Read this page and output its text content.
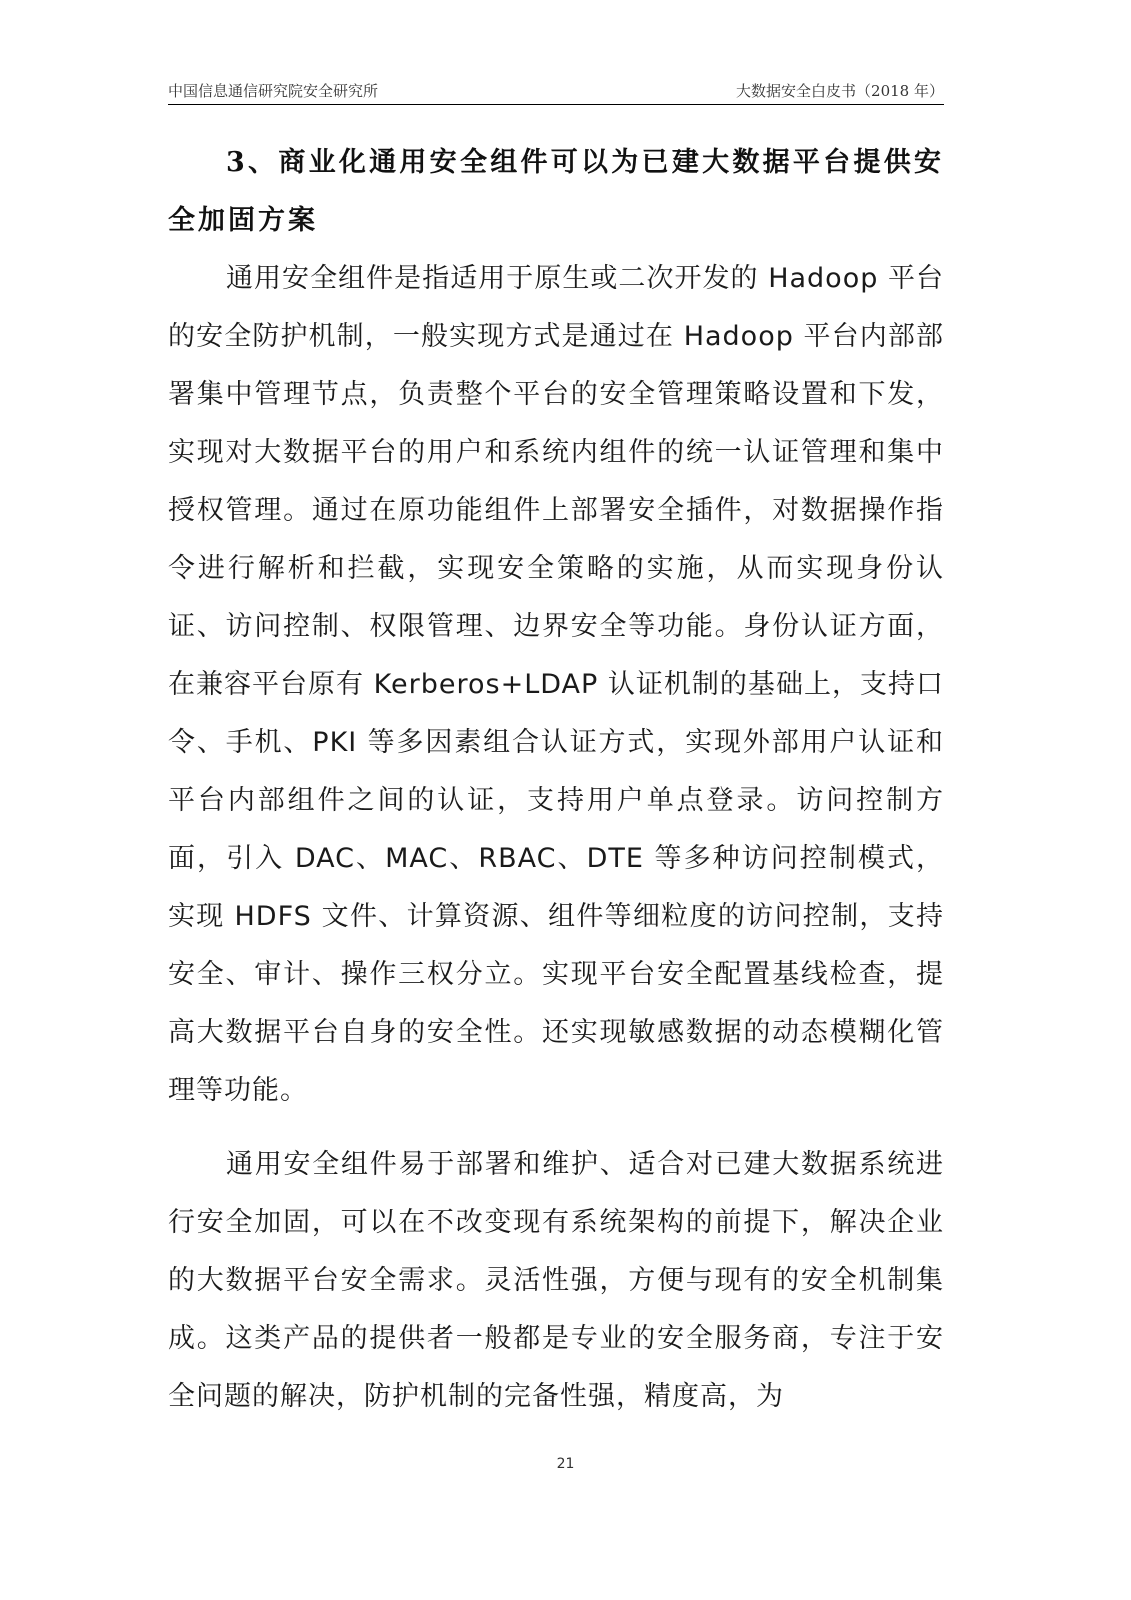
中国信息通信研究院安全研究所	大数据安全白皮书（2018 年）

3、商业化通用安全组件可以为已建大数据平台提供安全加固方案

通用安全组件是指适用于原生或二次开发的 Hadoop 平台的安全防护机制，一般实现方式是通过在 Hadoop 平台内部部署集中管理节点，负责整个平台的安全管理策略设置和下发，实现对大数据平台的用户和系统内组件的统一认证管理和集中授权管理。通过在原功能组件上部署安全插件，对数据操作指令进行解析和拦截，实现安全策略的实施，从而实现身份认证、访问控制、权限管理、边界安全等功能。身份认证方面，在兼容平台原有 Kerberos+LDAP 认证机制的基础上，支持口令、手机、PKI 等多因素组合认证方式，实现外部用户认证和平台内部组件之间的认证，支持用户单点登录。访问控制方面，引入 DAC、MAC、RBAC、DTE 等多种访问控制模式，实现 HDFS 文件、计算资源、组件等细粒度的访问控制，支持安全、审计、操作三权分立。实现平台安全配置基线检查，提高大数据平台自身的安全性。还实现敏感数据的动态模糊化管理等功能。

通用安全组件易于部署和维护、适合对已建大数据系统进行安全加固，可以在不改变现有系统架构的前提下，解决企业的大数据平台安全需求。灵活性强，方便与现有的安全机制集成。这类产品的提供者一般都是专业的安全服务商，专注于安全问题的解决，防护机制的完备性强，精度高，为

21
